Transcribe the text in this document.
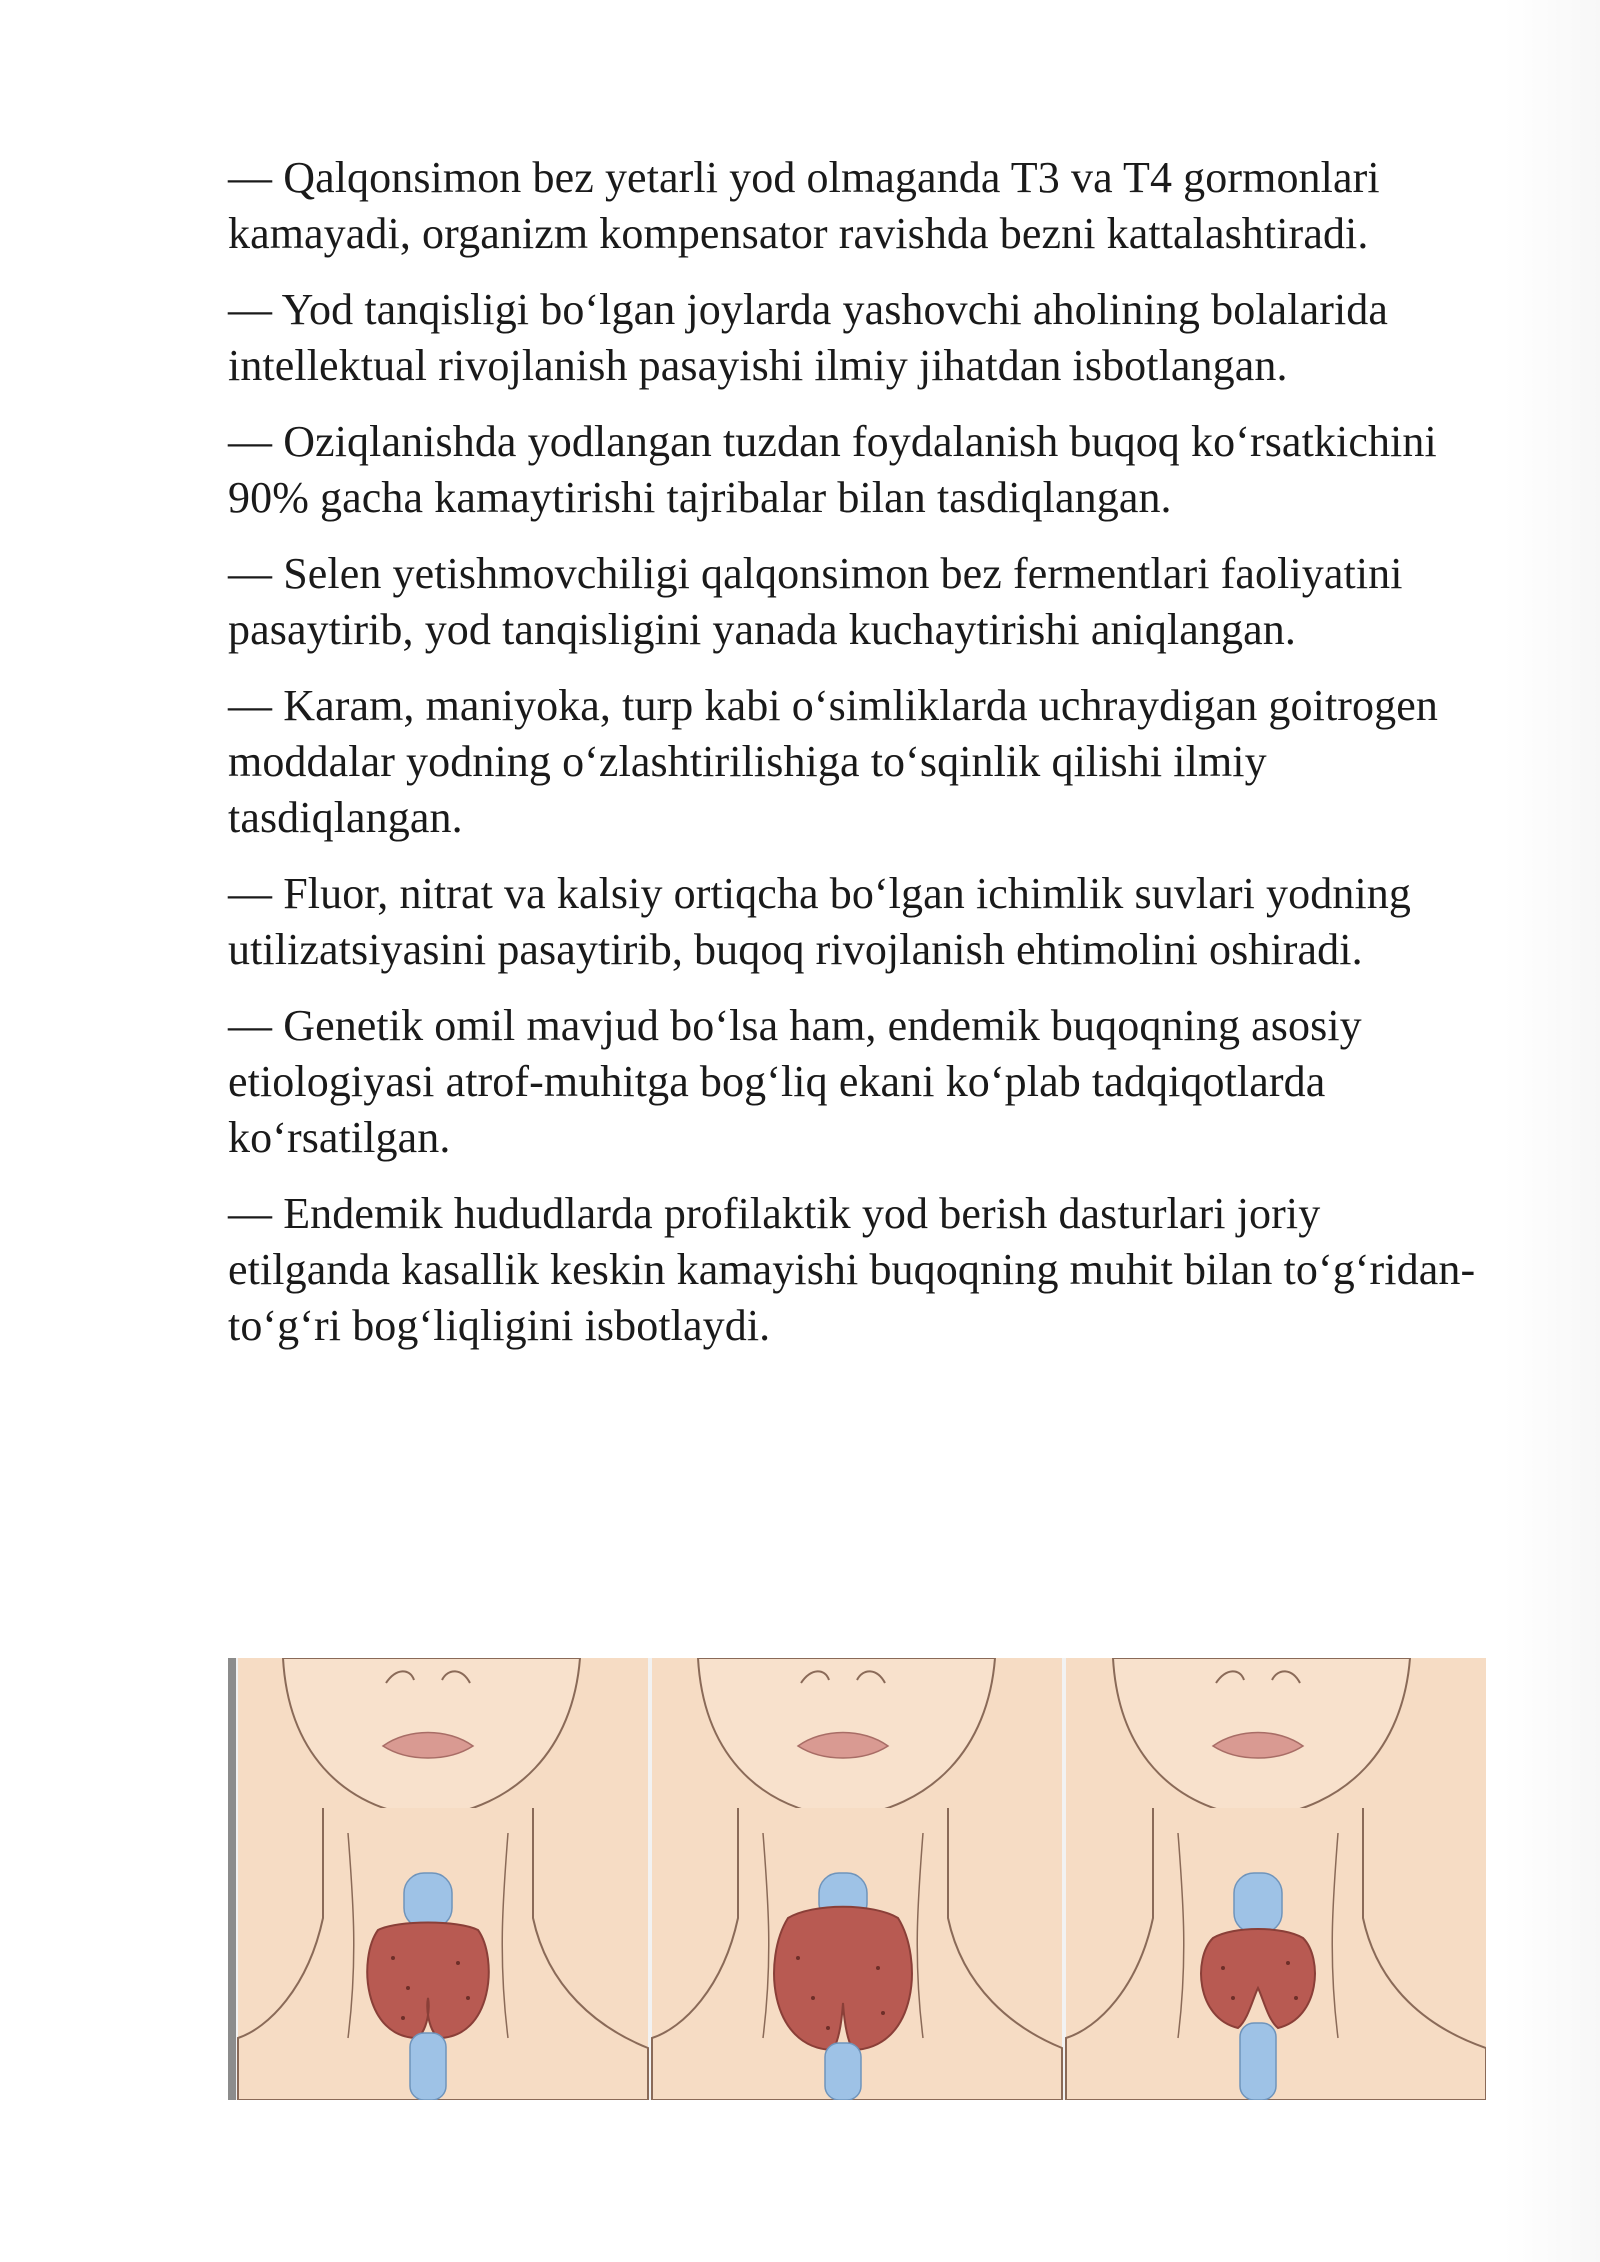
— Qalqonsimon bez yetarli yod olmaganda T3 va T4 gormonlari kamayadi, organizm kompensator ravishda bezni kattalashtiradi.

— Yod tanqisligi bo‘lgan joylarda yashovchi aholining bolalarida intellektual rivojlanish pasayishi ilmiy jihatdan isbotlangan.

— Oziqlanishda yodlangan tuzdan foydalanish buqoq ko‘rsatkichini 90% gacha kamaytirishi tajribalar bilan tasdiqlangan.

— Selen yetishmovchiligi qalqonsimon bez fermentlari faoliyatini pasaytirib, yod tanqisligini yanada kuchaytirishi aniqlangan.

— Karam, maniyoka, turp kabi o‘simliklarda uchraydigan goitrogen moddalar yodning o‘zlashtirilishiga to‘sqinlik qilishi ilmiy tasdiqlangan.

— Fluor, nitrat va kalsiy ortiqcha bo‘lgan ichimlik suvlari yodning utilizatsiyasini pasaytirib, buqoq rivojlanish ehtimolini oshiradi.

— Genetik omil mavjud bo‘lsa ham, endemik buqoqning asosiy etiologiyasi atrof-muhitga bog‘liq ekani ko‘plab tadqiqotlarda ko‘rsatilgan.

— Endemik hududlarda profilaktik yod berish dasturlari joriy etilganda kasallik keskin kamayishi buqoqning muhit bilan to‘g‘ridan-to‘g‘ri bog‘liqligini isbotlaydi.
